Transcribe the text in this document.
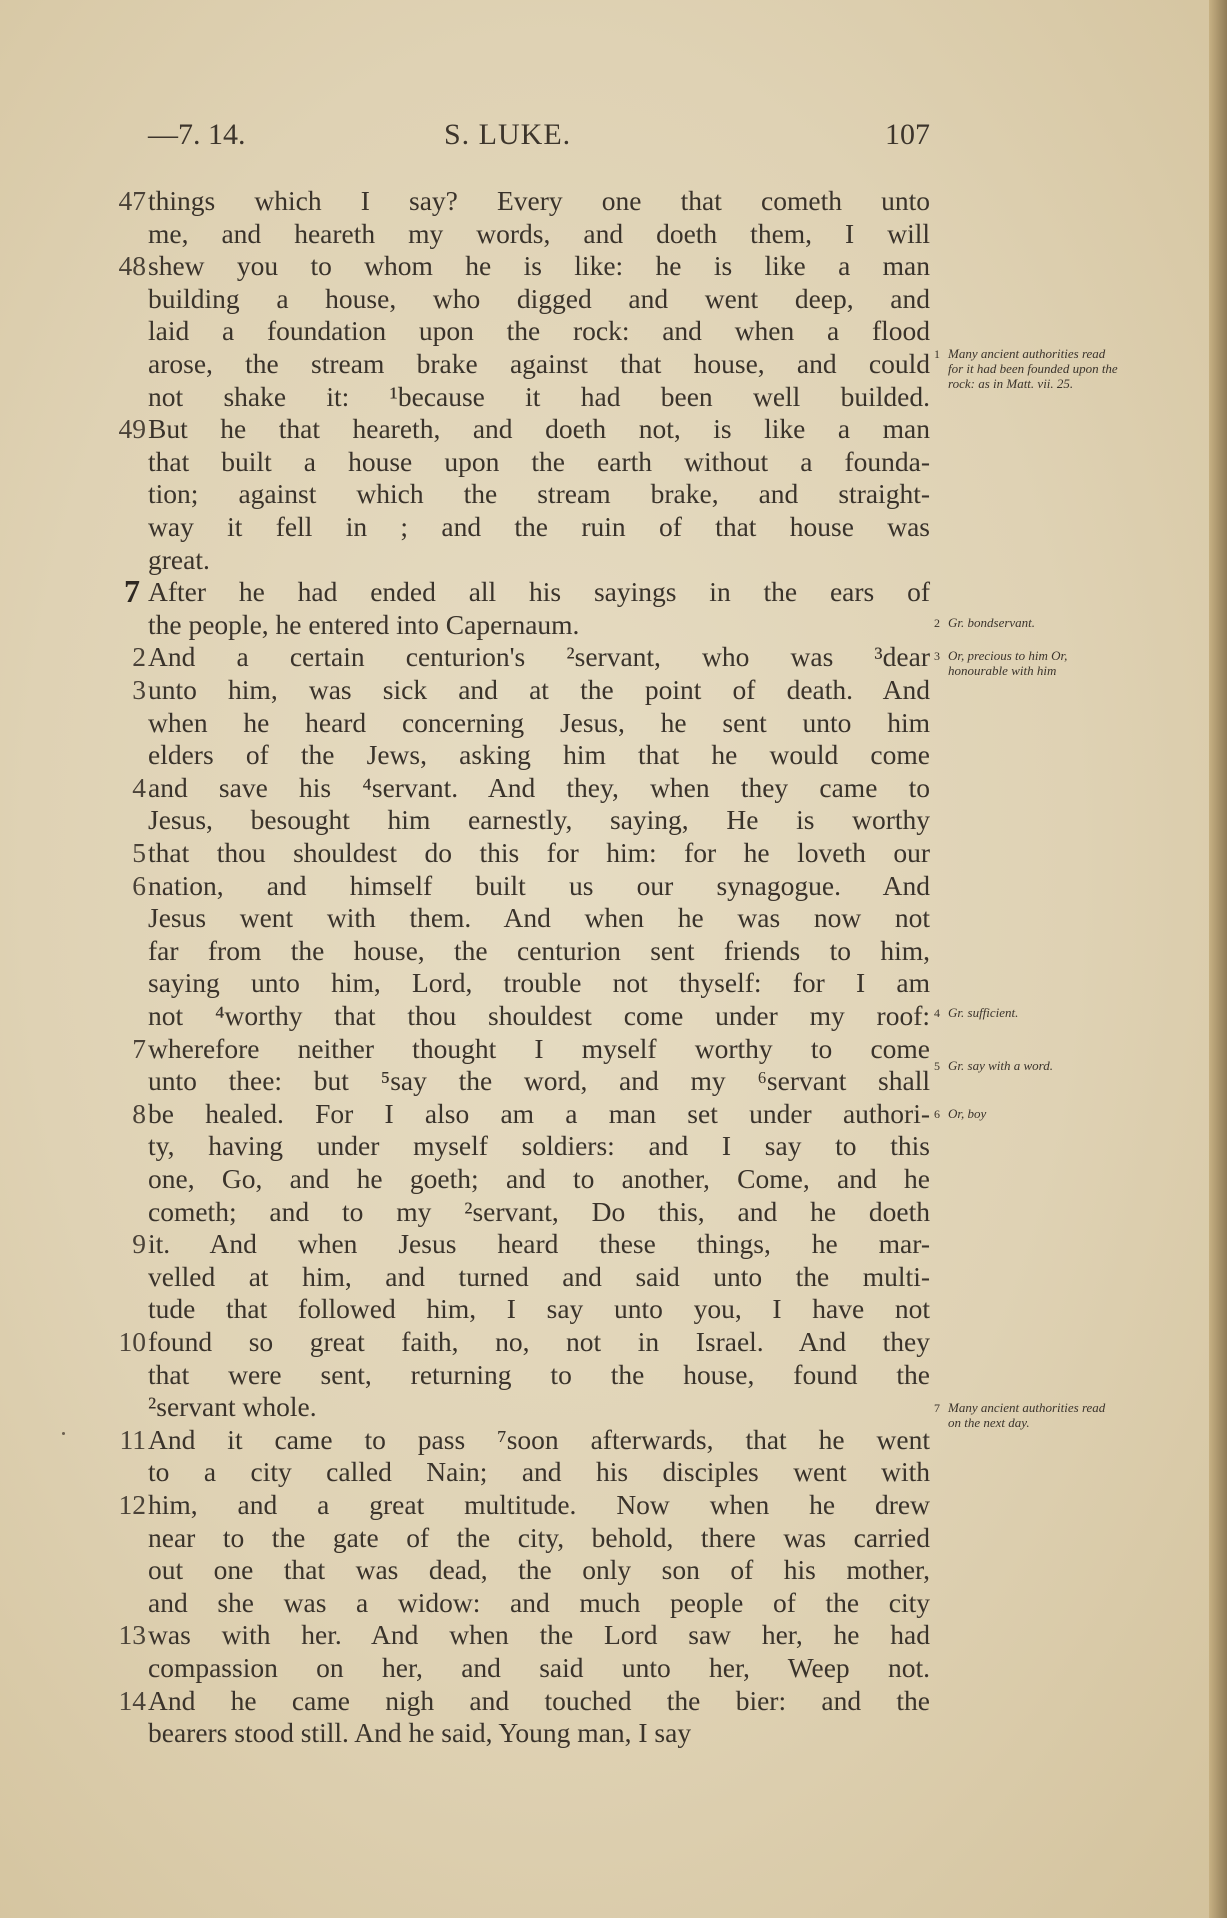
—7. 14.	S. LUKE.	107
47 things which I say? Every one that cometh unto
me, and heareth my words, and doeth them, I will
48 shew you to whom he is like: he is like a man
building a house, who digged and went deep, and
laid a foundation upon the rock: and when a flood
arose, the stream brake against that house, and could
not shake it: ¹because it had been well builded.
49 But he that heareth, and doeth not, is like a man
that built a house upon the earth without a founda-
tion; against which the stream brake, and straight-
way it fell in ; and the ruin of that house was
great.
7 After he had ended all his sayings in the ears of
the people, he entered into Capernaum.
2 And a certain centurion's ²servant, who was ³dear
3 unto him, was sick and at the point of death. And
when he heard concerning Jesus, he sent unto him
elders of the Jews, asking him that he would come
4 and save his ⁴servant. And they, when they came to
Jesus, besought him earnestly, saying, He is worthy
5 that thou shouldest do this for him: for he loveth our
6 nation, and himself built us our synagogue. And
Jesus went with them. And when he was now not
far from the house, the centurion sent friends to him,
saying unto him, Lord, trouble not thyself: for I am
not ⁴worthy that thou shouldest come under my roof:
7 wherefore neither thought I myself worthy to come
unto thee: but ⁵say the word, and my ⁶servant shall
8 be healed. For I also am a man set under authori-
ty, having under myself soldiers: and I say to this
one, Go, and he goeth; and to another, Come, and he
cometh; and to my ²servant, Do this, and he doeth
9 it. And when Jesus heard these things, he mar-
velled at him, and turned and said unto the multi-
tude that followed him, I say unto you, I have not
10 found so great faith, no, not in Israel. And they
that were sent, returning to the house, found the
²servant whole.
11 And it came to pass ⁷soon afterwards, that he went
to a city called Nain; and his disciples went with
12 him, and a great multitude. Now when he drew
near to the gate of the city, behold, there was carried
out one that was dead, the only son of his mother,
and she was a widow: and much people of the city
13 was with her. And when the Lord saw her, he had
compassion on her, and said unto her, Weep not.
14 And he came nigh and touched the bier: and the
bearers stood still. And he said, Young man, I say
1 Many ancient authorities read for it had been founded upon the rock: as in Matt. vii. 25.
2 Gr. bondservant.
3 Or, precious to him Or, honourable with him
4 Gr. sufficient.
5 Gr. say with a word.
6 Or, boy
7 Many ancient authorities read on the next day.
